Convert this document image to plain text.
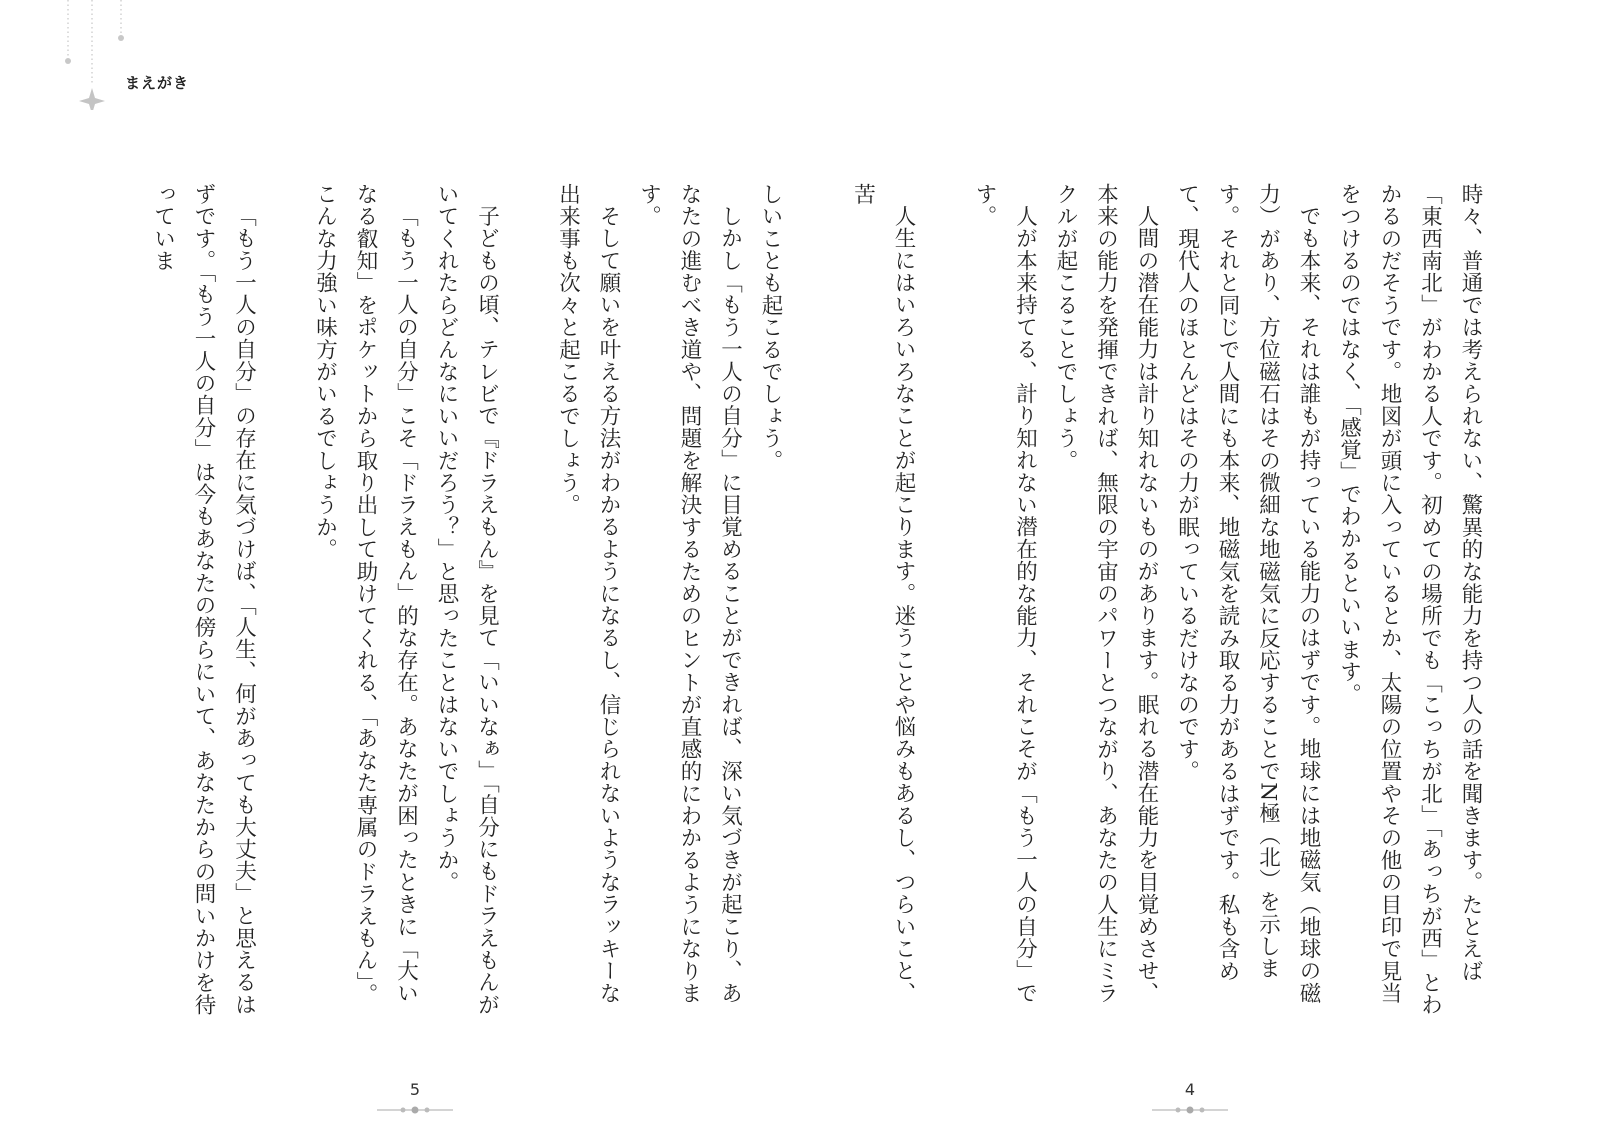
まえがき

時々、普通では考えられない、驚異的な能力を持つ人の話を聞きます。たとえば「東西南北」がわかる人です。初めての場所でも「こっちが北」「あっちが西」とわかるのだそうです。地図が頭に入っているとか、太陽の位置やその他の目印で見当をつけるのではなく、「感覚」でわかるといいます。

でも本来、それは誰もが持っている能力のはずです。地球には地磁気（地球の磁力）があり、方位磁石はその微細な地磁気に反応することでN極（北）を示します。それと同じで人間にも本来、地磁気を読み取る力があるはずです。私も含めて、現代人のほとんどはその力が眠っているだけなのです。

人間の潜在能力は計り知れないものがあります。眠れる潜在能力を目覚めさせ、本来の能力を発揮できれば、無限の宇宙のパワーとつながり、あなたの人生にミラクルが起こることでしょう。

人が本来持てる、計り知れない潜在的な能力、それこそが「もう一人の自分」です。

人生にはいろいろなことが起こります。迷うことや悩みもあるし、つらいこと、苦

しいことも起こるでしょう。

しかし「もう一人の自分」に目覚めることができれば、深い気づきが起こり、あなたの進むべき道や、問題を解決するためのヒントが直感的にわかるようになります。

そして願いを叶える方法がわかるようになるし、信じられないようなラッキーな出来事も次々と起こるでしょう。

子どもの頃、テレビで『ドラえもん』を見て「いいなぁ」「自分にもドラえもんがいてくれたらどんなにいいだろう？」と思ったことはないでしょうか。

「もう一人の自分」こそ「ドラえもん」的な存在。あなたが困ったときに「大いなる叡知」をポケットから取り出して助けてくれる、「あなた専属のドラえもん」。こんな力強い味方がいるでしょうか。

「もう一人の自分」の存在に気づけば、「人生、何があっても大丈夫」と思えるはずです。「もう一人の自分」は今もあなたの傍らにいて、あなたからの問いかけを待っていま

4
5
